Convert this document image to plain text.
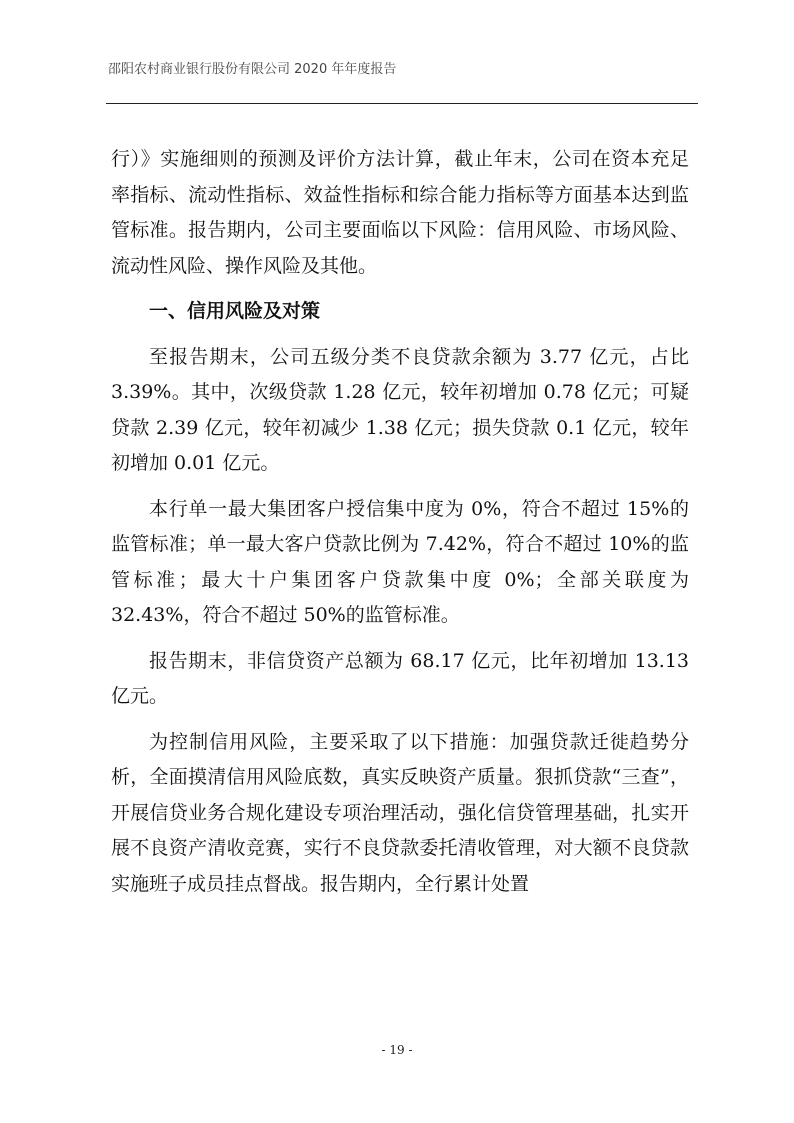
邵阳农村商业银行股份有限公司 2020 年年度报告

行）》实施细则的预测及评价方法计算，截止年末，公司在资本充足率指标、流动性指标、效益性指标和综合能力指标等方面基本达到监管标准。报告期内，公司主要面临以下风险：信用风险、市场风险、流动性风险、操作风险及其他。

一、信用风险及对策

至报告期末，公司五级分类不良贷款余额为 3.77 亿元，占比 3.39%。其中，次级贷款 1.28 亿元，较年初增加 0.78 亿元；可疑贷款 2.39 亿元，较年初减少 1.38 亿元；损失贷款 0.1 亿元，较年初增加 0.01 亿元。

本行单一最大集团客户授信集中度为 0%，符合不超过 15%的监管标准；单一最大客户贷款比例为 7.42%，符合不超过 10%的监管标准；最大十户集团客户贷款集中度 0%；全部关联度为 32.43%，符合不超过 50%的监管标准。

报告期末，非信贷资产总额为 68.17 亿元，比年初增加 13.13 亿元。

为控制信用风险，主要采取了以下措施：加强贷款迁徙趋势分析，全面摸清信用风险底数，真实反映资产质量。狠抓贷款“三查”，开展信贷业务合规化建设专项治理活动，强化信贷管理基础，扎实开展不良资产清收竞赛，实行不良贷款委托清收管理，对大额不良贷款实施班子成员挂点督战。报告期内，全行累计处置

- 19 -
